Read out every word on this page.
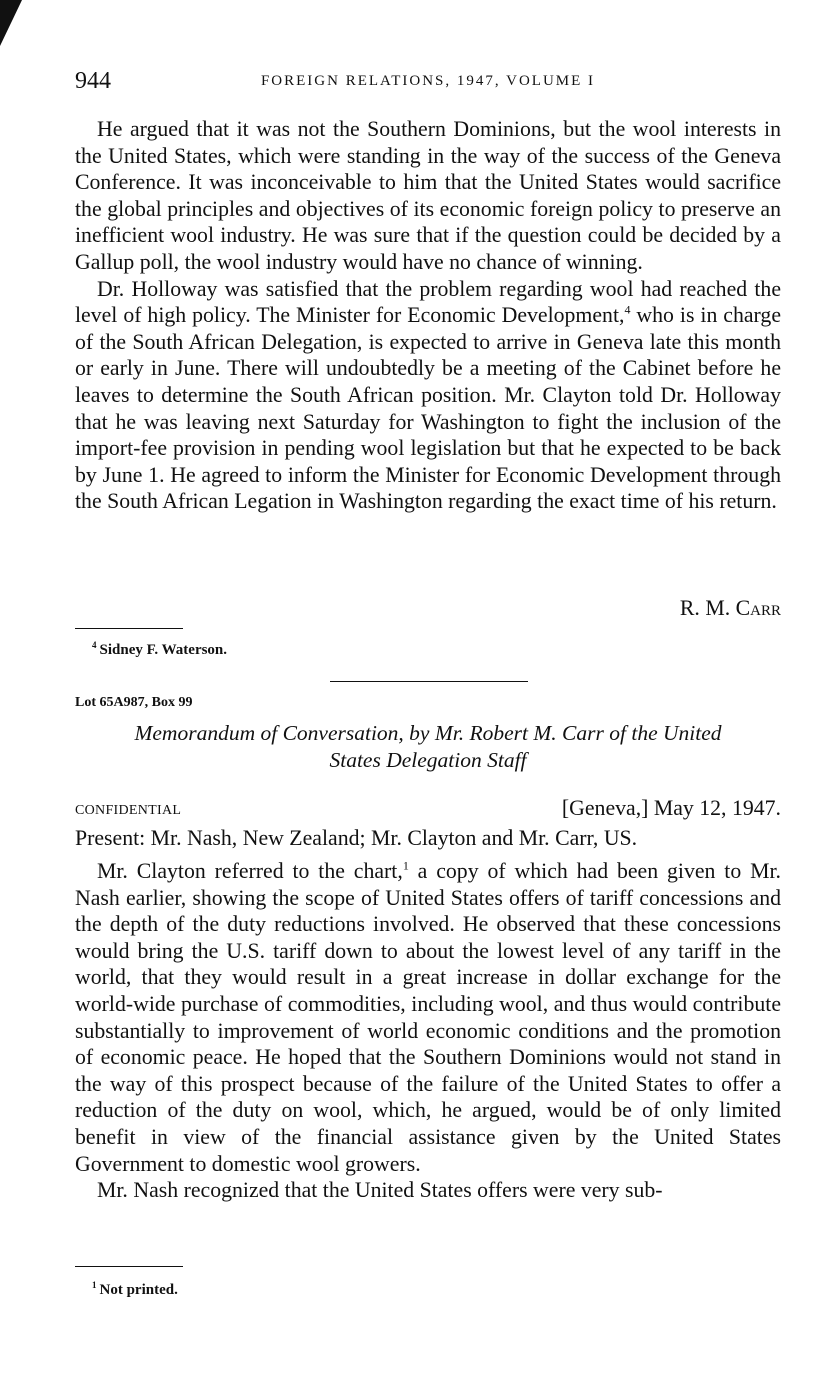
944	FOREIGN RELATIONS, 1947, VOLUME I

He argued that it was not the Southern Dominions, but the wool interests in the United States, which were standing in the way of the success of the Geneva Conference. It was inconceivable to him that the United States would sacrifice the global principles and objectives of its economic foreign policy to preserve an inefficient wool industry. He was sure that if the question could be decided by a Gallup poll, the wool industry would have no chance of winning.

Dr. Holloway was satisfied that the problem regarding wool had reached the level of high policy. The Minister for Economic Development,$^4$ who is in charge of the South African Delegation, is expected to arrive in Geneva late this month or early in June. There will undoubtedly be a meeting of the Cabinet before he leaves to determine the South African position. Mr. Clayton told Dr. Holloway that he was leaving next Saturday for Washington to fight the inclusion of the import-fee provision in pending wool legislation but that he expected to be back by June 1. He agreed to inform the Minister for Economic Development through the South African Legation in Washington regarding the exact time of his return.

R. M. Carr
$^4$ Sidney F. Waterson.
Lot 65A987, Box 99
Memorandum of Conversation, by Mr. Robert M. Carr of the United
States Delegation Staff
CONFIDENTIAL	[Geneva,] May 12, 1947.
Present: Mr. Nash, New Zealand; Mr. Clayton and Mr. Carr, US.

Mr. Clayton referred to the chart,$^1$ a copy of which had been given to Mr. Nash earlier, showing the scope of United States offers of tariff concessions and the depth of the duty reductions involved. He observed that these concessions would bring the U.S. tariff down to about the lowest level of any tariff in the world, that they would result in a great increase in dollar exchange for the world-wide purchase of commodities, including wool, and thus would contribute substantially to improvement of world economic conditions and the promotion of economic peace. He hoped that the Southern Dominions would not stand in the way of this prospect because of the failure of the United States to offer a reduction of the duty on wool, which, he argued, would be of only limited benefit in view of the financial assistance given by the United States Government to domestic wool growers.

Mr. Nash recognized that the United States offers were very sub-

$^1$ Not printed.
